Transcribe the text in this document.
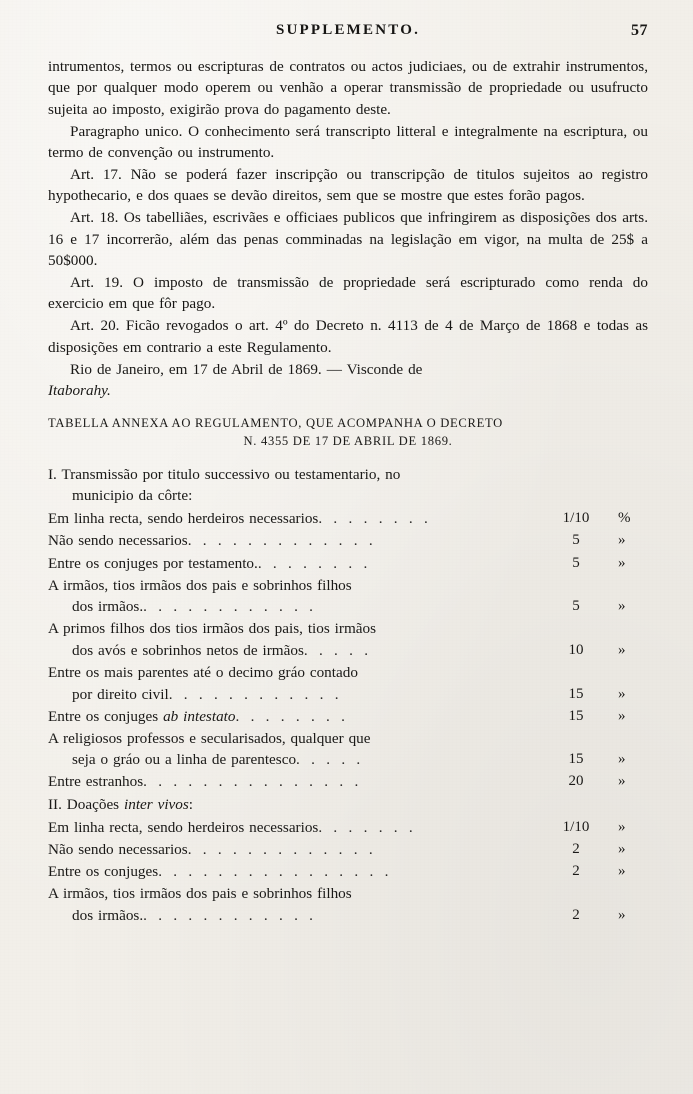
SUPPLEMENTO.	57

intrumentos, termos ou escripturas de contratos ou actos judiciaes, ou de extrahir instrumentos, que por qualquer modo operem ou venhão a operar transmissão de propriedade ou usufructo sujeita ao imposto, exigirão prova do pagamento deste.

Paragrapho unico. O conhecimento será transcripto litteral e integralmente na escriptura, ou termo de convenção ou instrumento.

Art. 17. Não se poderá fazer inscripção ou transcripção de titulos sujeitos ao registro hypothecario, e dos quaes se devão direitos, sem que se mostre que estes forão pagos.

Art. 18. Os tabelliães, escrivães e officiaes publicos que infringirem as disposições dos arts. 16 e 17 incorrerão, além das penas comminadas na legislação em vigor, na multa de 25$ a 50$000.

Art. 19. O imposto de transmissão de propriedade será escripturado como renda do exercicio em que fôr pago.

Art. 20. Ficão revogados o art. 4º do Decreto n. 4113 de 4 de Março de 1868 e todas as disposições em contrario a este Regulamento.

Rio de Janeiro, em 17 de Abril de 1869. — Visconde de

Itaborahy.

TABELLA ANNEXA AO REGULAMENTO, QUE ACOMPANHA O DECRETO
N. 4355 DE 17 DE ABRIL DE 1869.
I. Transmissão por titulo successivo ou testamentario, no
municipio da côrte:
Em linha recta, sendo herdeiros necessarios. . . . . . . .	1/10	%
Não sendo necessarios. . . . . . . . . . . . .	5	»
Entre os conjuges por testamento.. . . . . . . .	5	»
A irmãos, tios irmãos dos pais e sobrinhos filhos
dos irmãos.. . . . . . . . . . . .	5	»
A primos filhos dos tios irmãos dos pais, tios irmãos
dos avós e sobrinhos netos de irmãos. . . . .	10	»
Entre os mais parentes até o decimo gráo contado
por direito civil. . . . . . . . . . . .	15	»
Entre os conjuges ab intestato. . . . . . . .	15	»
A religiosos professos e secularisados, qualquer que
seja o gráo ou a linha de parentesco. . . . .	15	»
Entre estranhos. . . . . . . . . . . . . . .	20	»
II. Doações inter vivos:
Em linha recta, sendo herdeiros necessarios. . . . . . .	1/10	»
Não sendo necessarios. . . . . . . . . . . . .	2	»
Entre os conjuges. . . . . . . . . . . . . . . .	2	»
A irmãos, tios irmãos dos pais e sobrinhos filhos
dos irmãos.. . . . . . . . . . . .	2	»
